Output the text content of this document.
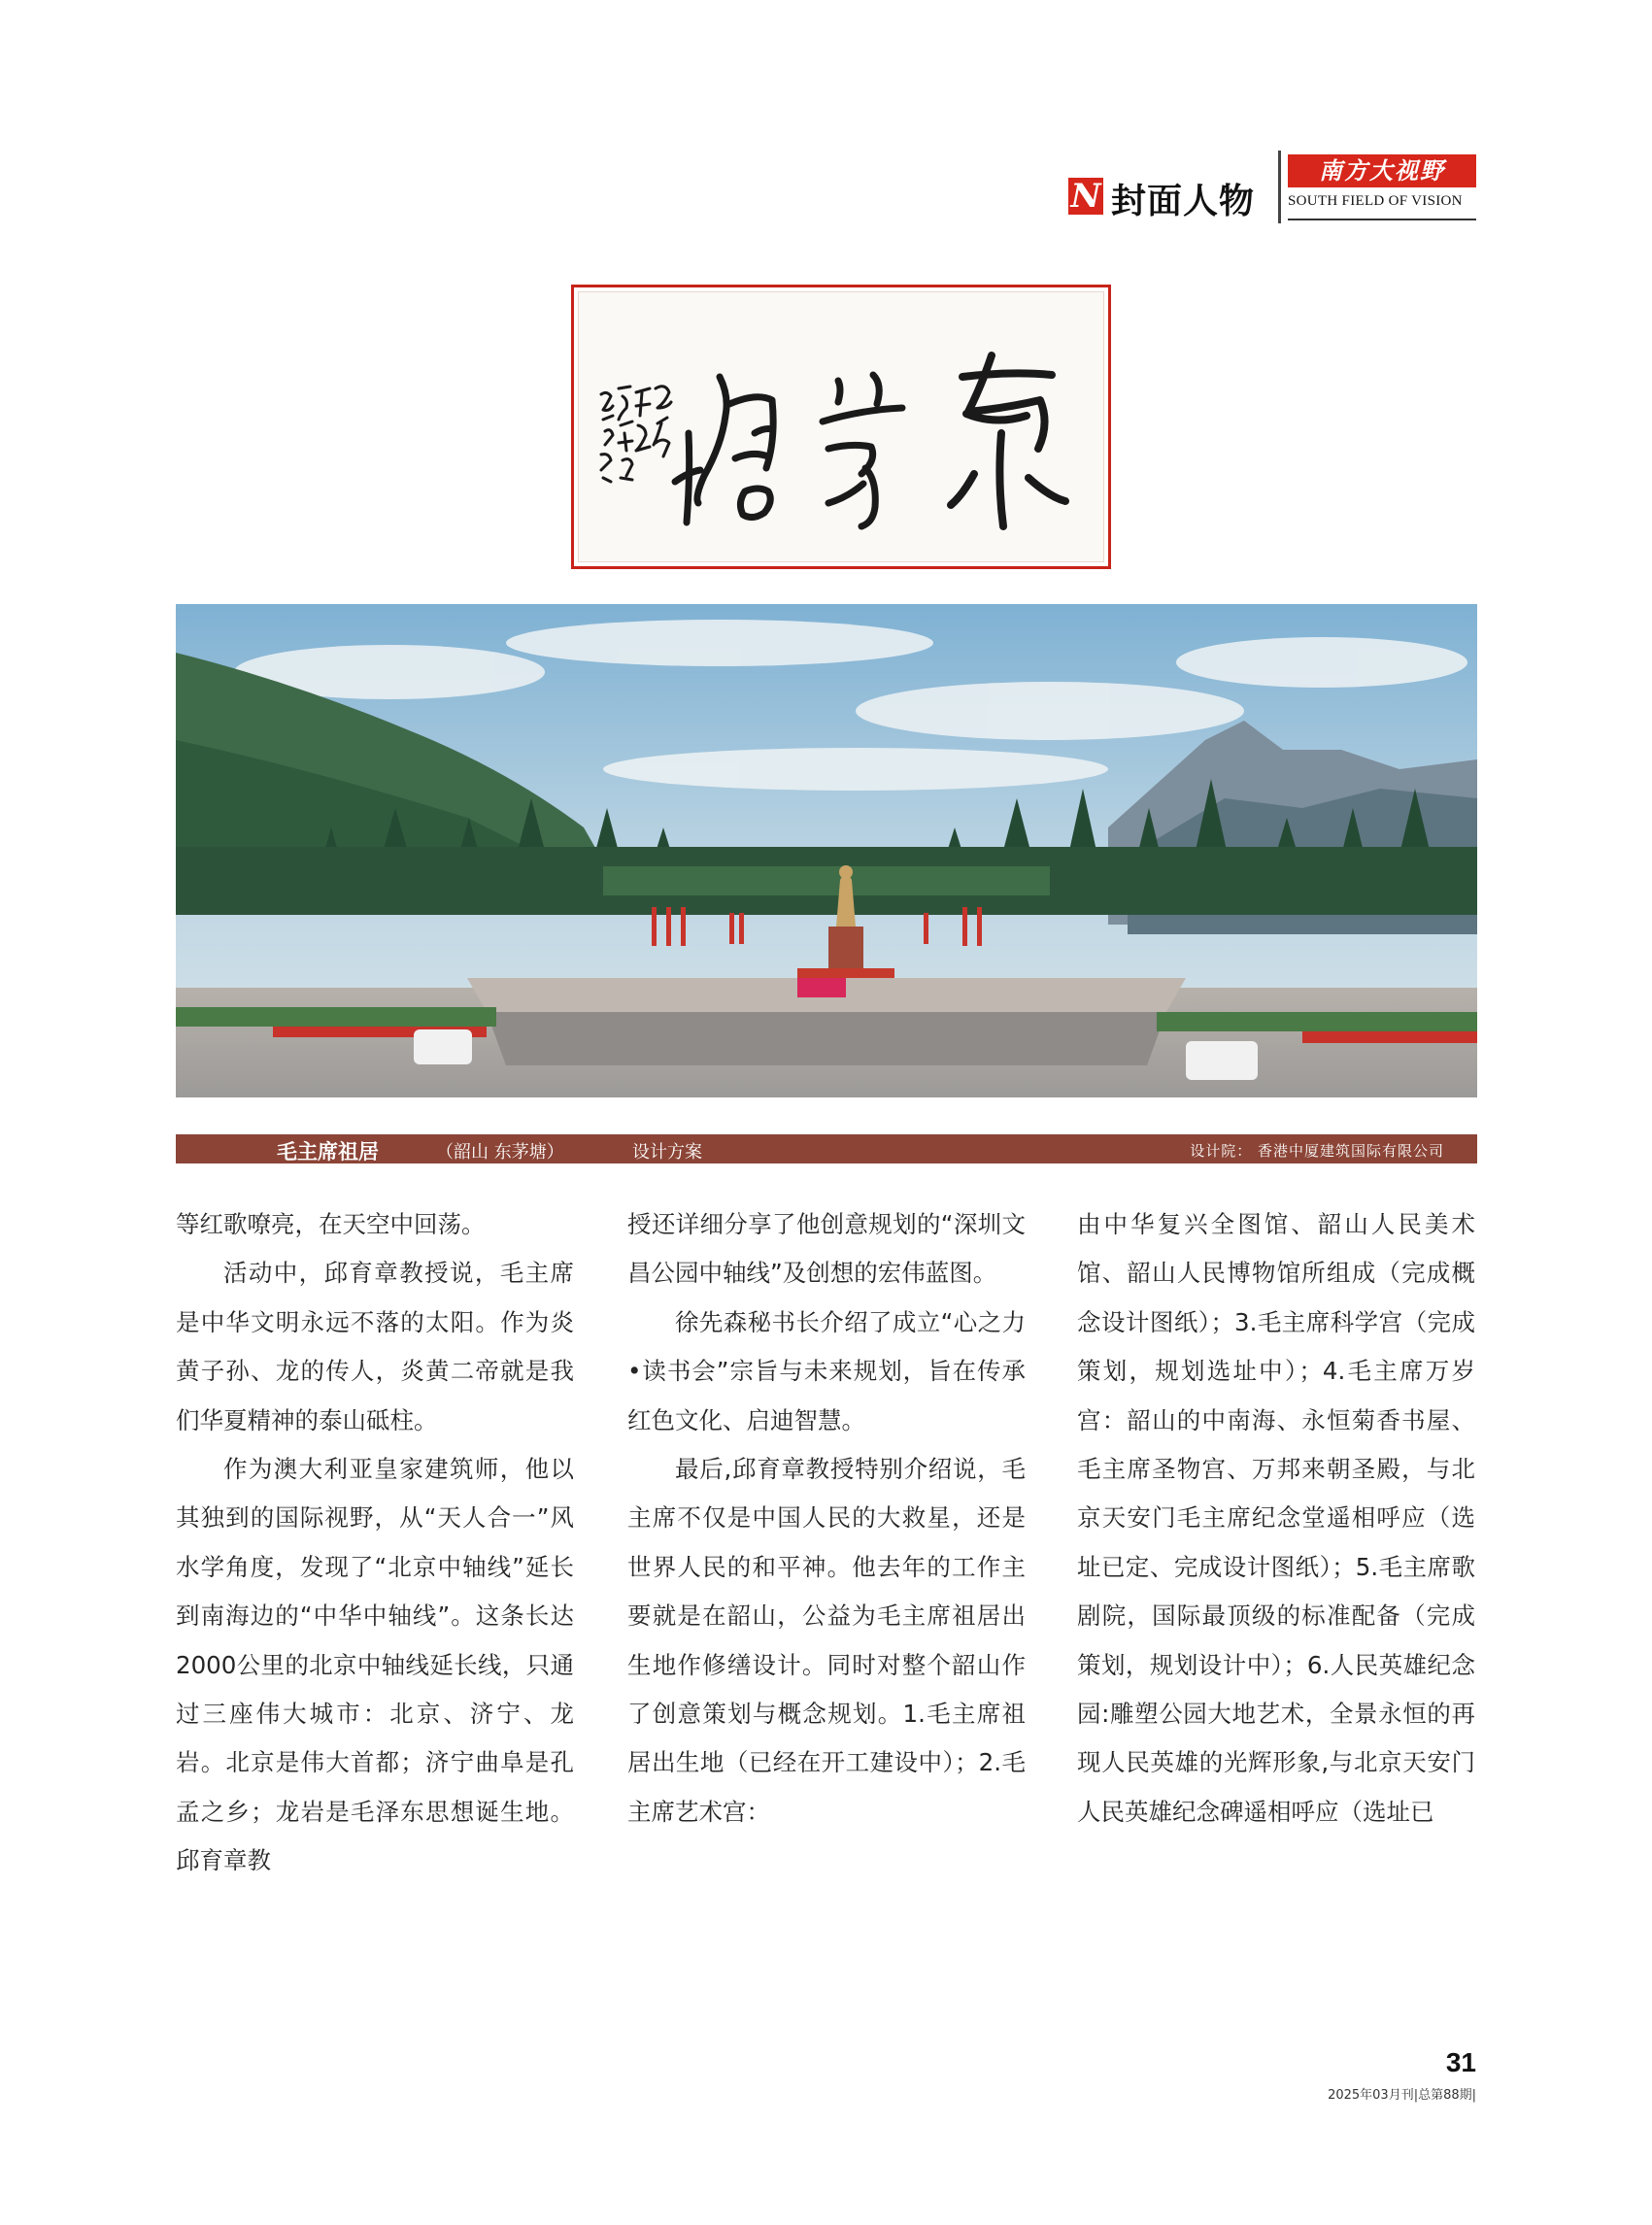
N 封面人物
南方大视野
SOUTH FIELD OF VISION
毛主席祖居	（韶山 东茅塘）	设计方案	设计院： 香港中厦建筑国际有限公司

等红歌嘹亮，在天空中回荡。

活动中，邱育章教授说，毛主席是中华文明永远不落的太阳。作为炎黄子孙、龙的传人，炎黄二帝就是我们华夏精神的泰山砥柱。

作为澳大利亚皇家建筑师，他以其独到的国际视野，从“天人合一”风水学角度，发现了“北京中轴线”延长到南海边的“中华中轴线”。这条长达2000公里的北京中轴线延长线，只通过三座伟大城市：北京、济宁、龙岩。北京是伟大首都；济宁曲阜是孔孟之乡；龙岩是毛泽东思想诞生地。邱育章教

授还详细分享了他创意规划的“深圳文昌公园中轴线”及创想的宏伟蓝图。

徐先森秘书长介绍了成立“心之力•读书会”宗旨与未来规划，旨在传承红色文化、启迪智慧。

最后,邱育章教授特别介绍说，毛主席不仅是中国人民的大救星，还是世界人民的和平神。他去年的工作主要就是在韶山，公益为毛主席祖居出生地作修缮设计。同时对整个韶山作了创意策划与概念规划。1.毛主席祖居出生地（已经在开工建设中）；2.毛主席艺术宫：

由中华复兴全图馆、韶山人民美术馆、韶山人民博物馆所组成（完成概念设计图纸）；3.毛主席科学宫（完成策划，规划选址中）；4.毛主席万岁宫：韶山的中南海、永恒菊香书屋、毛主席圣物宫、万邦来朝圣殿，与北京天安门毛主席纪念堂遥相呼应（选址已定、完成设计图纸）；5.毛主席歌剧院，国际最顶级的标准配备（完成策划，规划设计中）；6.人民英雄纪念园:雕塑公园大地艺术，全景永恒的再现人民英雄的光辉形象,与北京天安门人民英雄纪念碑遥相呼应（选址已

31
2025年03月刊|总第88期|
